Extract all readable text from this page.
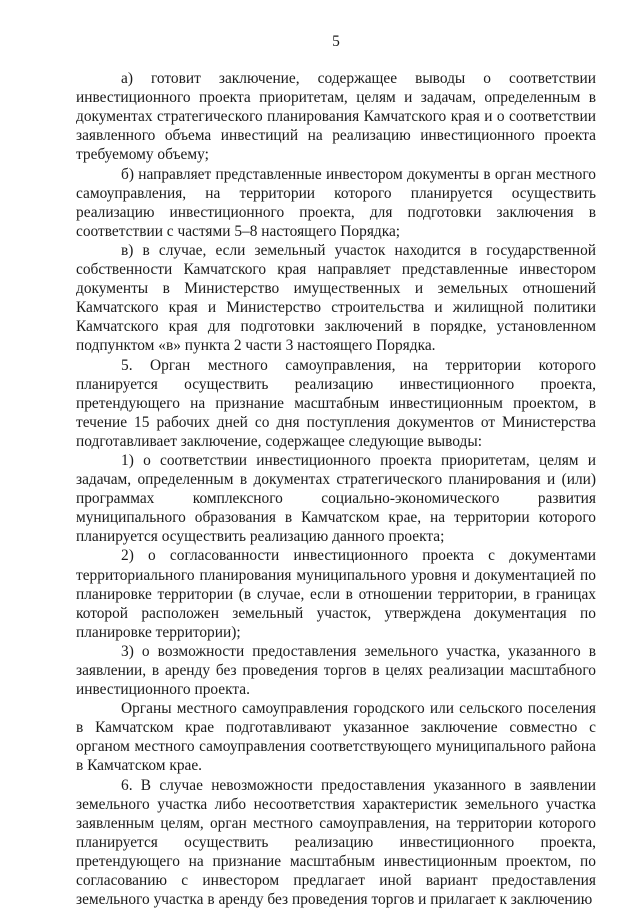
5

а) готовит заключение, содержащее выводы о соответствии инвестиционного проекта приоритетам, целям и задачам, определенным в документах стратегического планирования Камчатского края и о соответствии заявленного объема инвестиций на реализацию инвестиционного проекта требуемому объему;

б) направляет представленные инвестором документы в орган местного самоуправления, на территории которого планируется осуществить реализацию инвестиционного проекта, для подготовки заключения в соответствии с частями 5–8 настоящего Порядка;

в) в случае, если земельный участок находится в государственной собственности Камчатского края направляет представленные инвестором документы в Министерство имущественных и земельных отношений Камчатского края и Министерство строительства и жилищной политики Камчатского края для подготовки заключений в порядке, установленном подпунктом «в» пункта 2 части 3 настоящего Порядка.

5. Орган местного самоуправления, на территории которого планируется осуществить реализацию инвестиционного проекта, претендующего на признание масштабным инвестиционным проектом, в течение 15 рабочих дней со дня поступления документов от Министерства подготавливает заключение, содержащее следующие выводы:

1) о соответствии инвестиционного проекта приоритетам, целям и задачам, определенным в документах стратегического планирования и (или) программах комплексного социально-экономического развития муниципального образования в Камчатском крае, на территории которого планируется осуществить реализацию данного проекта;

2) о согласованности инвестиционного проекта с документами территориального планирования муниципального уровня и документацией по планировке территории (в случае, если в отношении территории, в границах которой расположен земельный участок, утверждена документация по планировке территории);

3) о возможности предоставления земельного участка, указанного в заявлении, в аренду без проведения торгов в целях реализации масштабного инвестиционного проекта.

Органы местного самоуправления городского или сельского поселения в Камчатском крае подготавливают указанное заключение совместно с органом местного самоуправления соответствующего муниципального района в Камчатском крае.

6. В случае невозможности предоставления указанного в заявлении земельного участка либо несоответствия характеристик земельного участка заявленным целям, орган местного самоуправления, на территории которого планируется осуществить реализацию инвестиционного проекта, претендующего на признание масштабным инвестиционным проектом, по согласованию с инвестором предлагает иной вариант предоставления земельного участка в аренду без проведения торгов и прилагает к заключению
